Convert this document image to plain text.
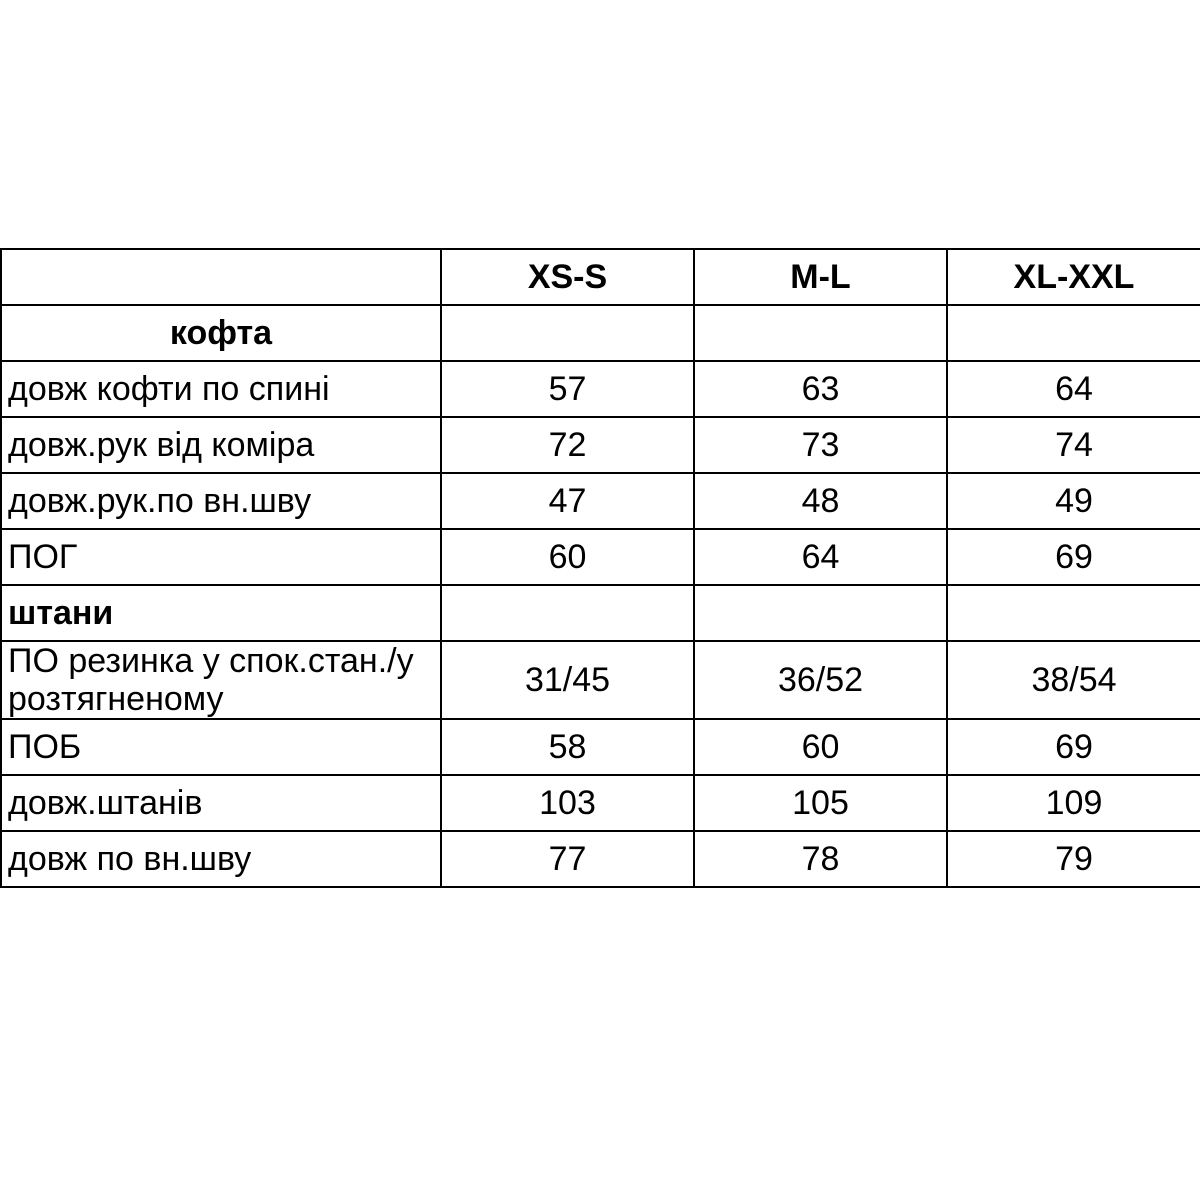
	XS-S	M-L	XL-XXL
кофта			
довж кофти по спині	57	63	64
довж.рук від коміра	72	73	74
довж.рук.по вн.шву	47	48	49
ПОГ	60	64	69
штани			
ПО резинка у спок.стан./у розтягненому	31/45	36/52	38/54
ПОБ	58	60	69
довж.штанів	103	105	109
довж по вн.шву	77	78	79
